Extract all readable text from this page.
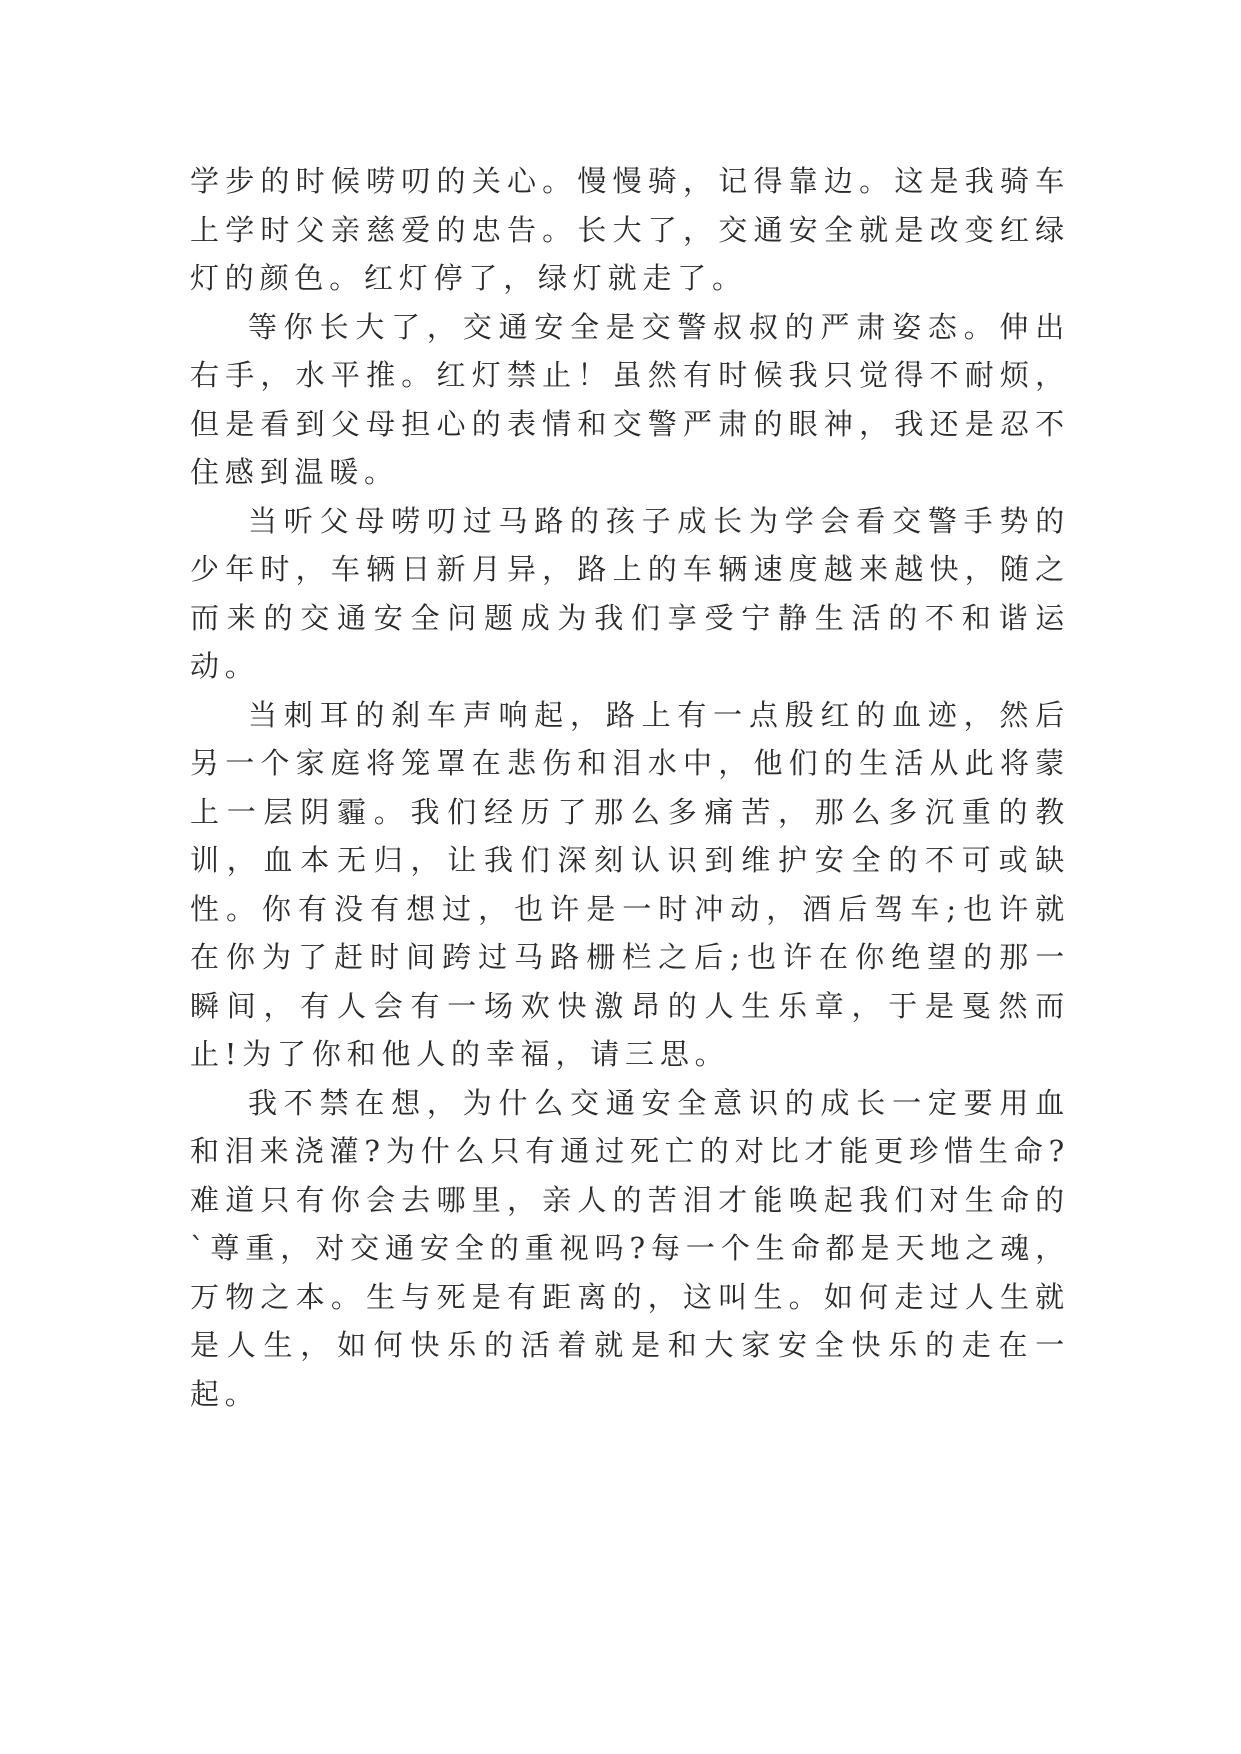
学步的时候唠叨的关心。慢慢骑，记得靠边。这是我骑车上学时父亲慈爱的忠告。长大了，交通安全就是改变红绿灯的颜色。红灯停了，绿灯就走了。

等你长大了，交通安全是交警叔叔的严肃姿态。伸出右手，水平推。红灯禁止！虽然有时候我只觉得不耐烦，但是看到父母担心的表情和交警严肃的眼神，我还是忍不住感到温暖。

当听父母唠叨过马路的孩子成长为学会看交警手势的少年时，车辆日新月异，路上的车辆速度越来越快，随之而来的交通安全问题成为我们享受宁静生活的不和谐运动。

当刺耳的刹车声响起，路上有一点殷红的血迹，然后另一个家庭将笼罩在悲伤和泪水中，他们的生活从此将蒙上一层阴霾。我们经历了那么多痛苦，那么多沉重的教训，血本无归，让我们深刻认识到维护安全的不可或缺性。你有没有想过，也许是一时冲动，酒后驾车;也许就在你为了赶时间跨过马路栅栏之后;也许在你绝望的那一瞬间，有人会有一场欢快激昂的人生乐章，于是戛然而止!为了你和他人的幸福，请三思。

我不禁在想，为什么交通安全意识的成长一定要用血和泪来浇灌?为什么只有通过死亡的对比才能更珍惜生命?难道只有你会去哪里，亲人的苦泪才能唤起我们对生命的`尊重，对交通安全的重视吗?每一个生命都是天地之魂，万物之本。生与死是有距离的，这叫生。如何走过人生就是人生，如何快乐的活着就是和大家安全快乐的走在一起。
